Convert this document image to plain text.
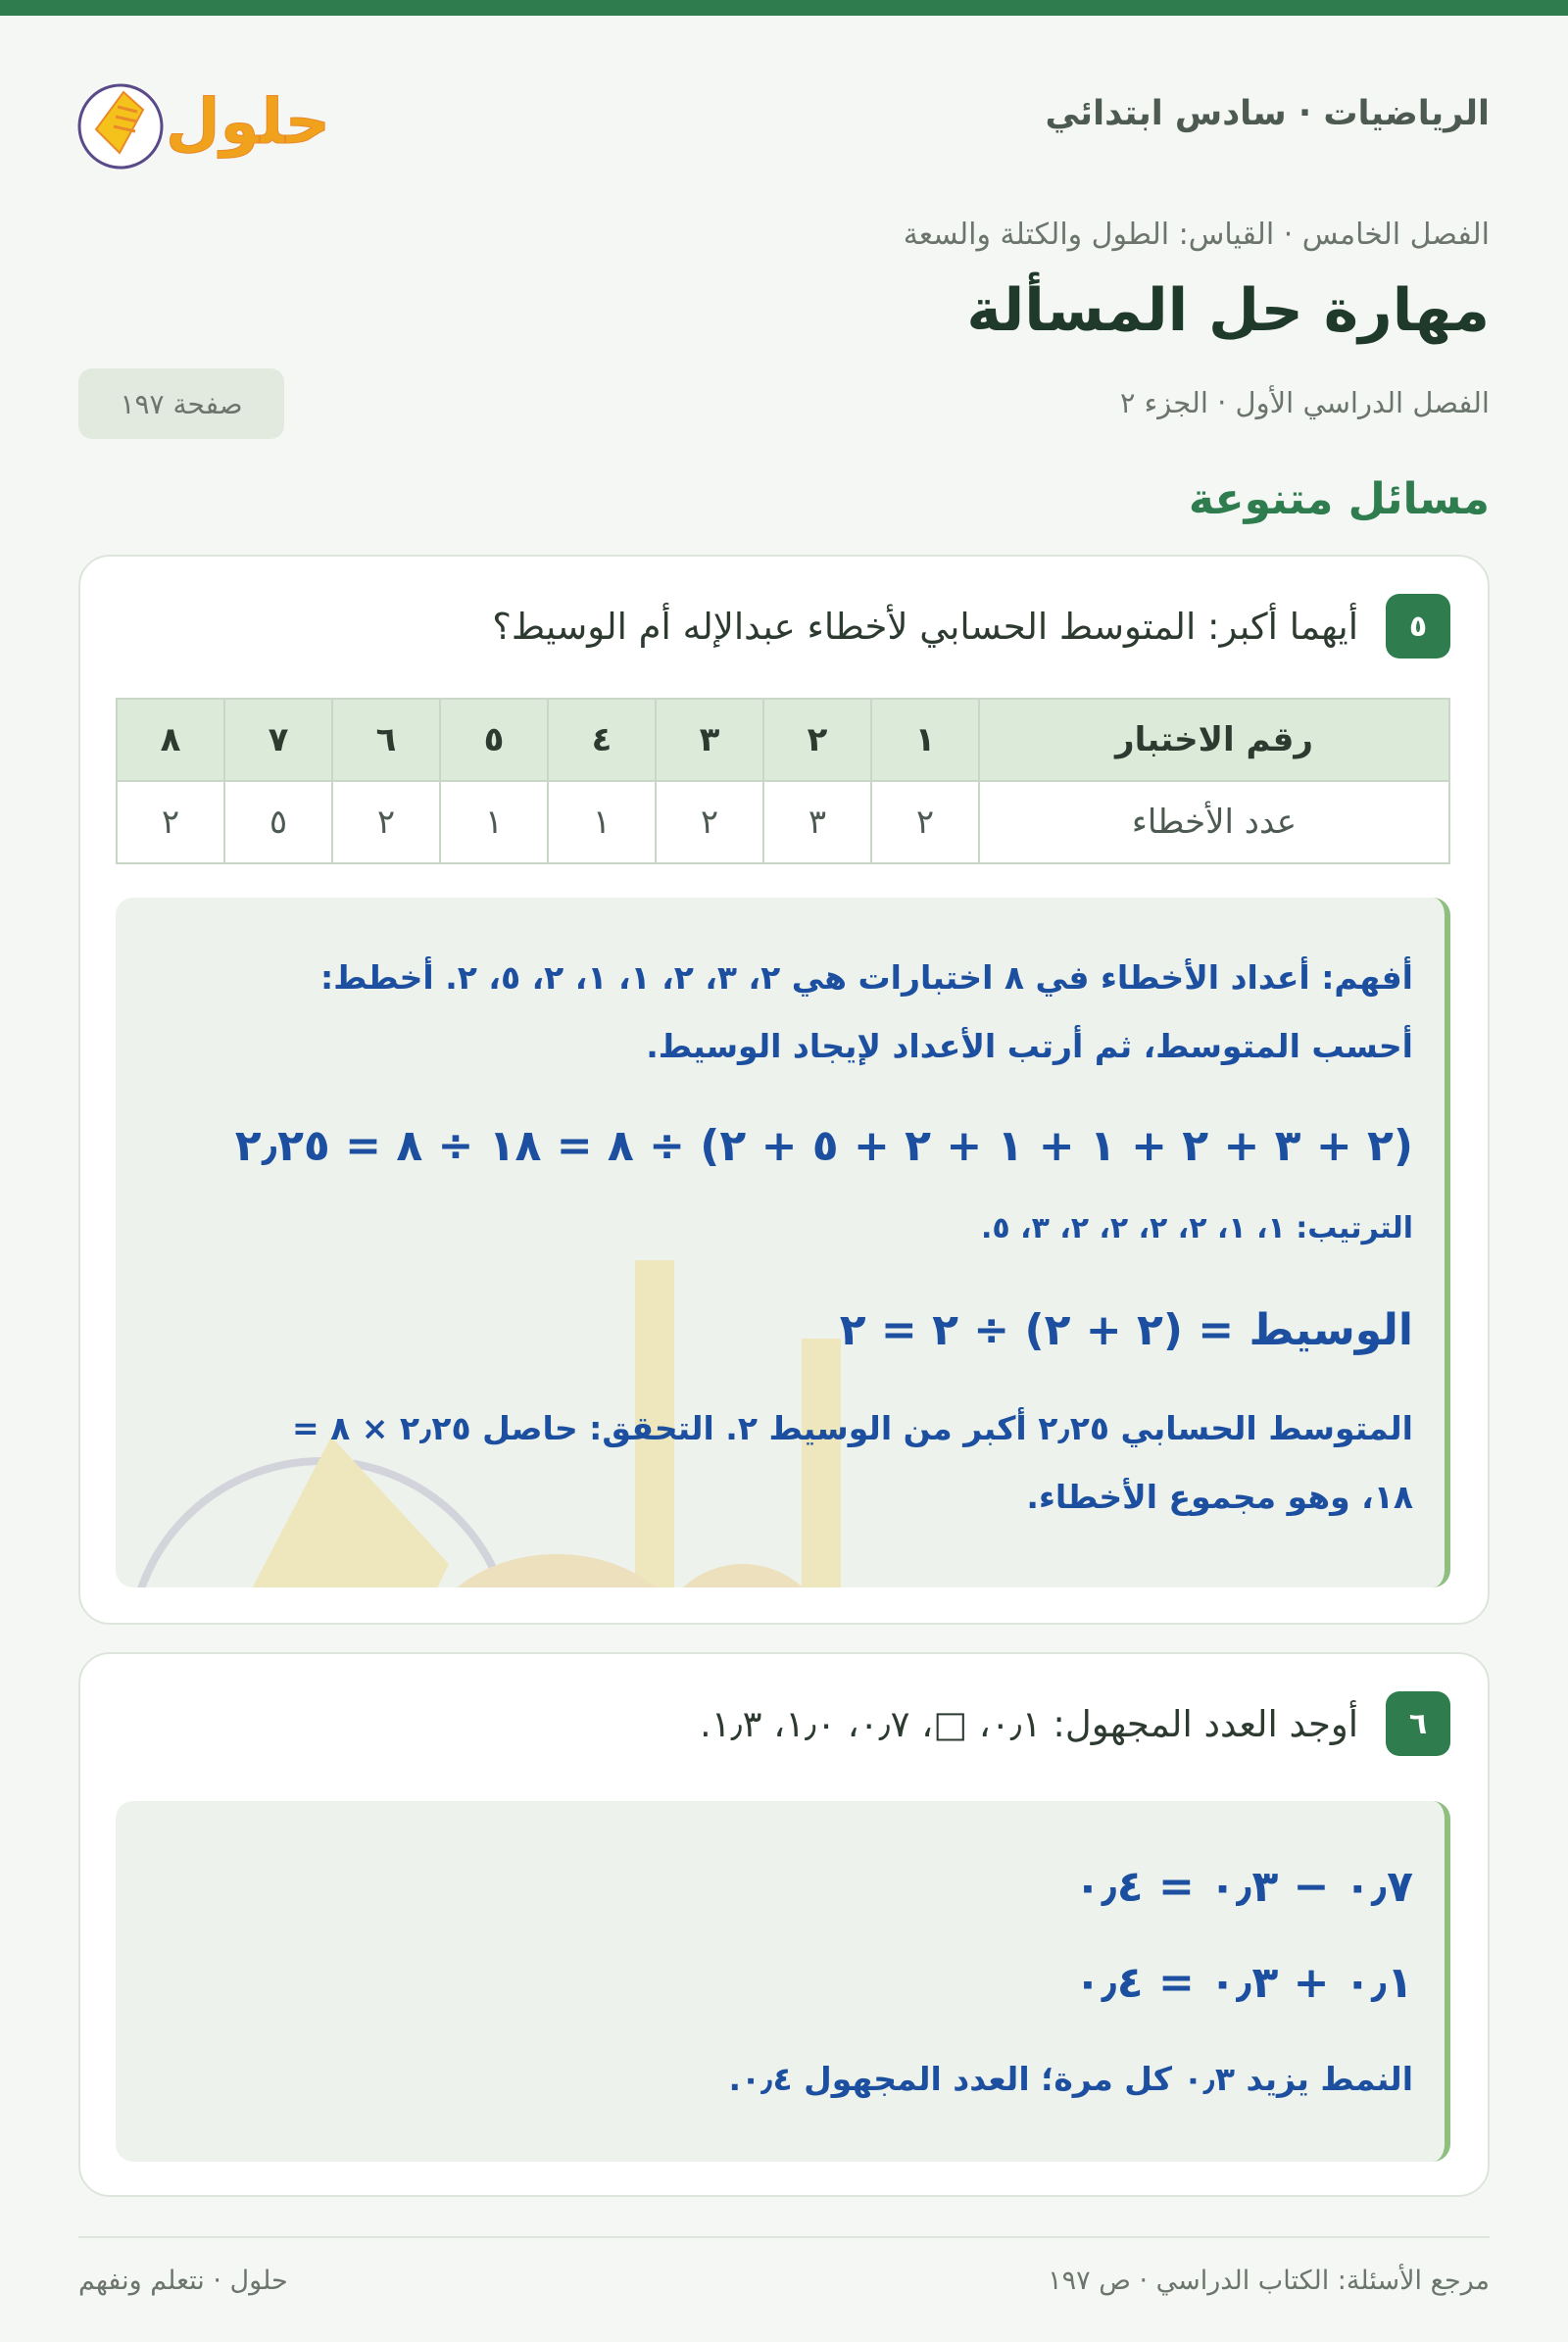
الرياضيات · سادس ابتدائي
حلول
الفصل الخامس · القياس: الطول والكتلة والسعة
مهارة حل المسألة
الفصل الدراسي الأول · الجزء ٢
صفحة ١٩٧
مسائل متنوعة
٥
أيهما أكبر: المتوسط الحسابي لأخطاء عبدالإله أم الوسيط؟
رقم الاختبار	١	٢	٣	٤	٥	٦	٧	٨
عدد الأخطاء	٢	٣	٢	١	١	٢	٥	٢
أفهم: أعداد الأخطاء في ٨ اختبارات هي ٢، ٣، ٢، ١، ١، ٢، ٥، ٢. أخطط:
أحسب المتوسط، ثم أرتب الأعداد لإيجاد الوسيط.
(٢ + ٣ + ٢ + ١ + ١ + ٢ + ٥ + ٢) ÷ ٨ = ١٨ ÷ ٨ = ٢٫٢٥
الترتيب: ١، ١، ٢، ٢، ٢، ٢، ٣، ٥.
الوسيط = (٢ + ٢) ÷ ٢ = ٢
المتوسط الحسابي ٢٫٢٥ أكبر من الوسيط ٢. التحقق: حاصل ٢٫٢٥ × ٨ =
١٨، وهو مجموع الأخطاء.
٦
أوجد العدد المجهول: ٠٫١، □، ٠٫٧، ١٫٠، ١٫٣.
٠٫٧ − ٠٫٣ = ٠٫٤
٠٫١ + ٠٫٣ = ٠٫٤
النمط يزيد ٠٫٣ كل مرة؛ العدد المجهول ٠٫٤.
مرجع الأسئلة: الكتاب الدراسي · ص ١٩٧
حلول · نتعلم ونفهم
